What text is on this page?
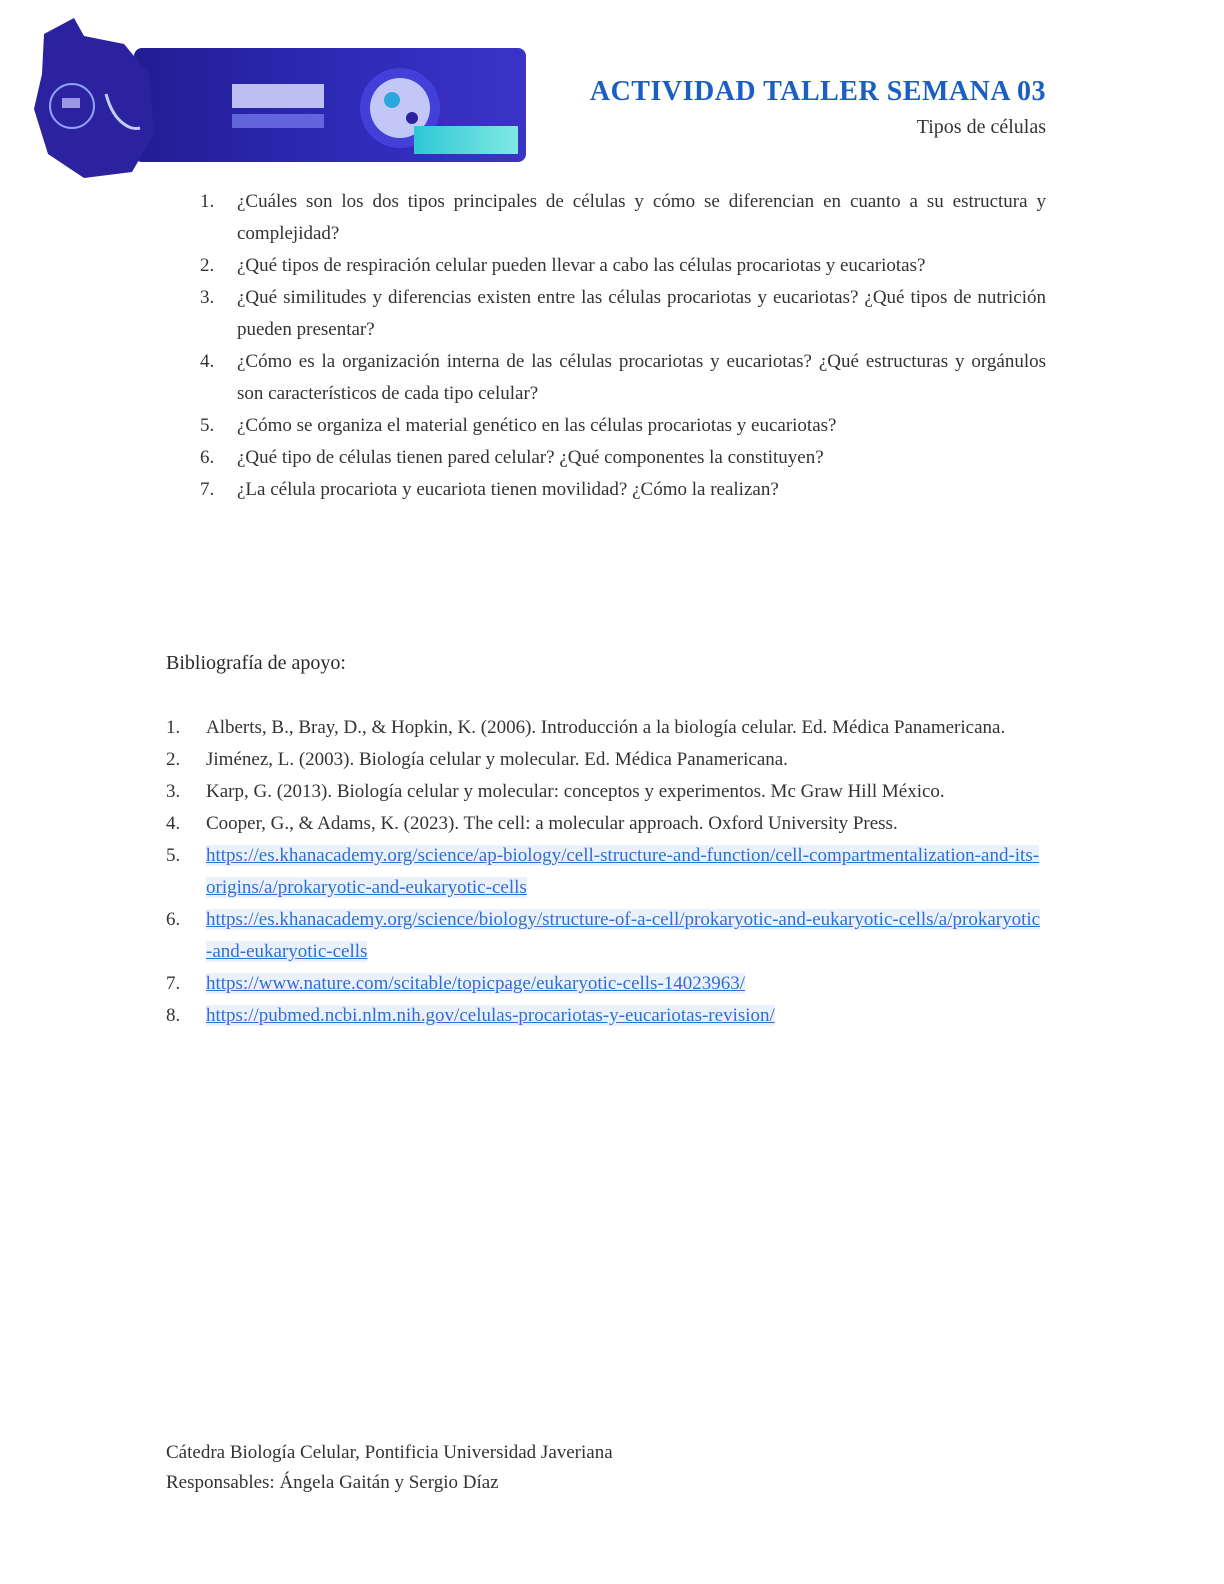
ACTIVIDAD TALLER SEMANA 03
Tipos de células
1.	¿Cuáles son los dos tipos principales de células y cómo se diferencian en cuanto a su estructura y complejidad?
2.	¿Qué tipos de respiración celular pueden llevar a cabo las células procariotas y eucariotas?
3.	¿Qué similitudes y diferencias existen entre las células procariotas y eucariotas? ¿Qué tipos de nutrición pueden presentar?
4.	¿Cómo es la organización interna de las células procariotas y eucariotas? ¿Qué estructuras y orgánulos son característicos de cada tipo celular?
5.	¿Cómo se organiza el material genético en las células procariotas y eucariotas?
6.	¿Qué tipo de células tienen pared celular? ¿Qué componentes la constituyen?
7.	¿La célula procariota y eucariota tienen movilidad? ¿Cómo la realizan?
Bibliografía de apoyo:
1.	Alberts, B., Bray, D., & Hopkin, K. (2006). Introducción a la biología celular. Ed. Médica Panamericana.
2.	Jiménez, L. (2003). Biología celular y molecular. Ed. Médica Panamericana.
3.	Karp, G. (2013). Biología celular y molecular: conceptos y experimentos. Mc Graw Hill México.
4.	Cooper, G., & Adams, K. (2023). The cell: a molecular approach. Oxford University Press.
5.	https://es.khanacademy.org/science/ap-biology/cell-structure-and-function/cell-compartmentalization-and-its-origins/a/prokaryotic-and-eukaryotic-cells
6.	https://es.khanacademy.org/science/biology/structure-of-a-cell/prokaryotic-and-eukaryotic-cells/a/prokaryotic-and-eukaryotic-cells
7.	https://www.nature.com/scitable/topicpage/eukaryotic-cells-14023963/
8.	https://pubmed.ncbi.nlm.nih.gov/celulas-procariotas-y-eucariotas-revision/
Cátedra Biología Celular, Pontificia Universidad Javeriana
Responsables: Ángela Gaitán y Sergio Díaz
